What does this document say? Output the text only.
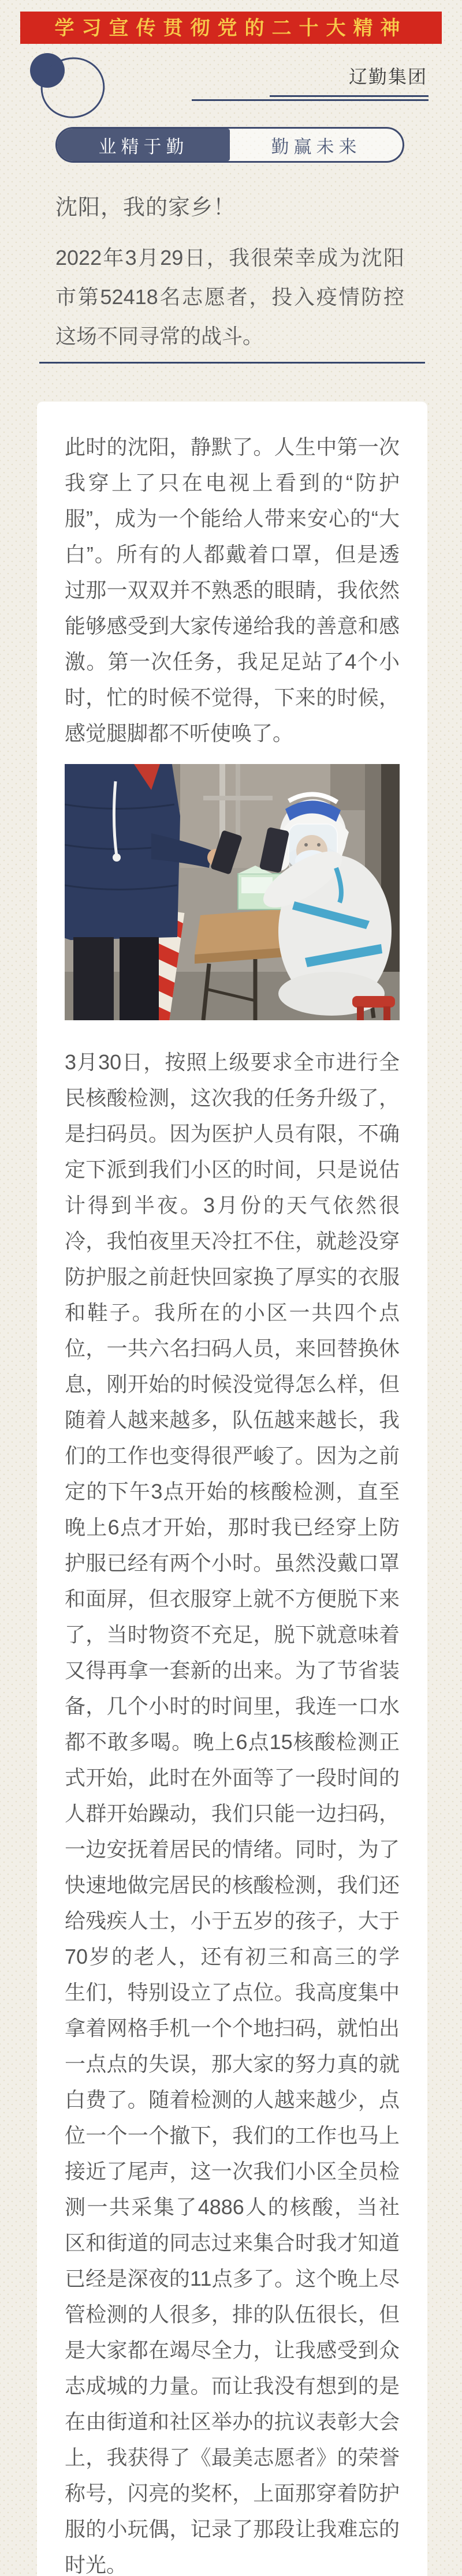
学习宣传贯彻党的二十大精神
辽勤集团
业精于勤	勤赢未来
沈阳，我的家乡！

2022年3月29日，我很荣幸成为沈阳市第52418名志愿者，投入疫情防控这场不同寻常的战斗。

此时的沈阳，静默了。人生中第一次我穿上了只在电视上看到的“防护服”，成为一个能给人带来安心的“大白”。所有的人都戴着口罩，但是透过那一双双并不熟悉的眼睛，我依然能够感受到大家传递给我的善意和感激。第一次任务，我足足站了4个小时，忙的时候不觉得，下来的时候，感觉腿脚都不听使唤了。

3月30日，按照上级要求全市进行全民核酸检测，这次我的任务升级了，是扫码员。因为医护人员有限，不确定下派到我们小区的时间，只是说估计得到半夜。3月份的天气依然很冷，我怕夜里天冷扛不住，就趁没穿防护服之前赶快回家换了厚实的衣服和鞋子。我所在的小区一共四个点位，一共六名扫码人员，来回替换休息，刚开始的时候没觉得怎么样，但随着人越来越多，队伍越来越长，我们的工作也变得很严峻了。因为之前定的下午3点开始的核酸检测，直至晚上6点才开始，那时我已经穿上防护服已经有两个小时。虽然没戴口罩和面屏，但衣服穿上就不方便脱下来了，当时物资不充足，脱下就意味着又得再拿一套新的出来。为了节省装备，几个小时的时间里，我连一口水都不敢多喝。晚上6点15核酸检测正式开始，此时在外面等了一段时间的人群开始躁动，我们只能一边扫码，一边安抚着居民的情绪。同时，为了快速地做完居民的核酸检测，我们还给残疾人士，小于五岁的孩子，大于70岁的老人，还有初三和高三的学生们，特别设立了点位。我高度集中拿着网格手机一个个地扫码，就怕出一点点的失误，那大家的努力真的就白费了。随着检测的人越来越少，点位一个一个撤下，我们的工作也马上接近了尾声，这一次我们小区全员检测一共采集了4886人的核酸，当社区和街道的同志过来集合时我才知道已经是深夜的11点多了。这个晚上尽管检测的人很多，排的队伍很长，但是大家都在竭尽全力，让我感受到众志成城的力量。而让我没有想到的是在由街道和社区举办的抗议表彰大会上，我获得了《最美志愿者》的荣誉称号，闪亮的奖杯，上面那穿着防护服的小玩偶，记录了那段让我难忘的时光。
